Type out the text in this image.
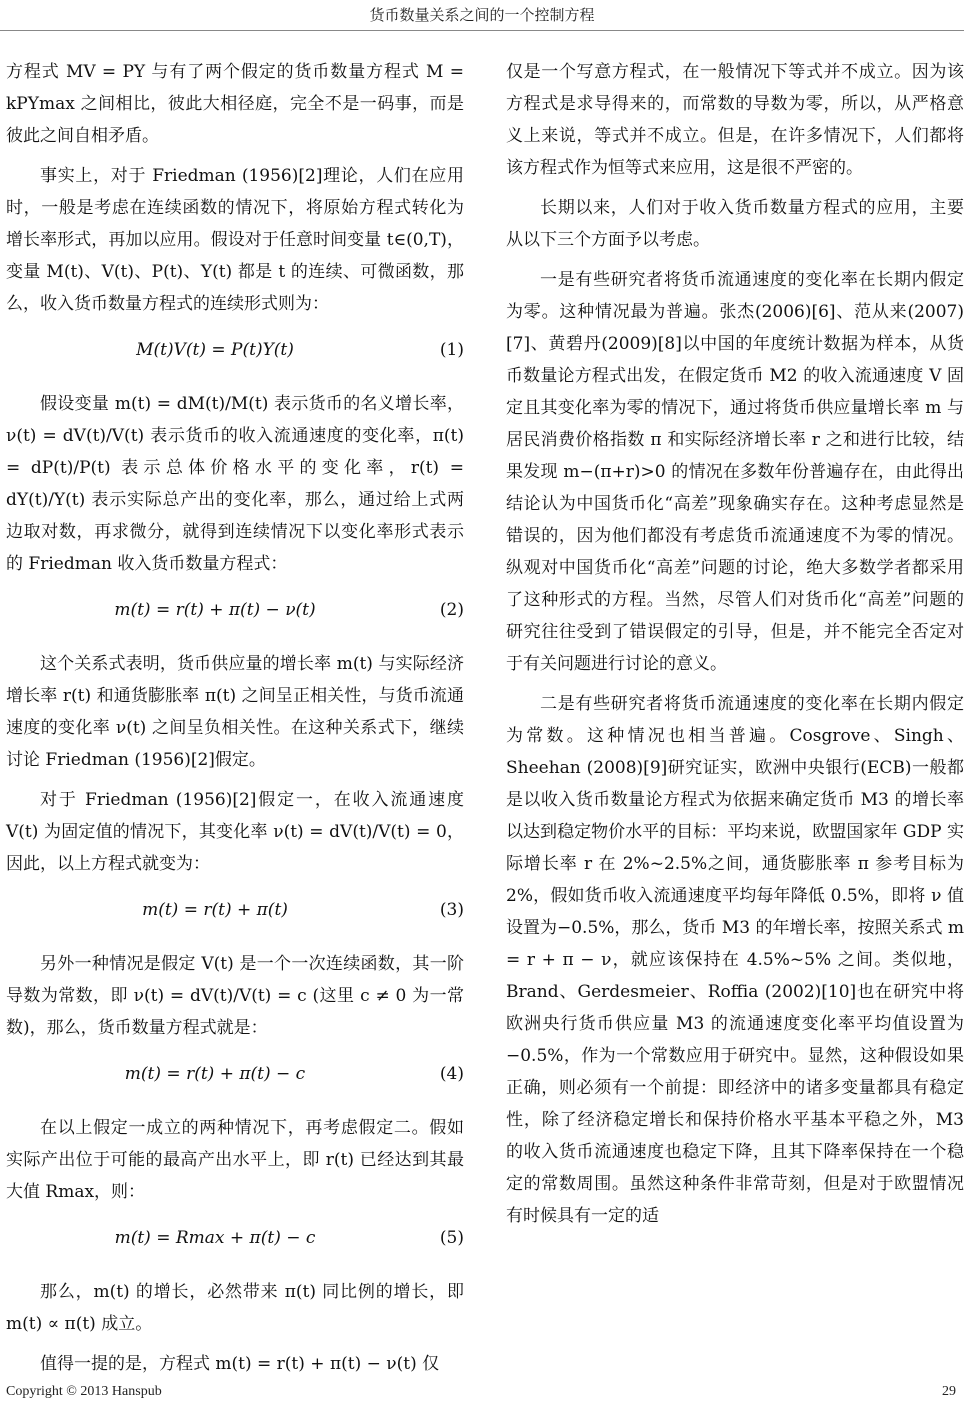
货币数量关系之间的一个控制方程

方程式 MV = PY 与有了两个假定的货币数量方程式 M = kPYmax 之间相比，彼此大相径庭，完全不是一码事，而是彼此之间自相矛盾。

事实上，对于 Friedman (1956)[2]理论，人们在应用时，一般是考虑在连续函数的情况下，将原始方程式转化为增长率形式，再加以应用。假设对于任意时间变量 t∈(0,T)，变量 M(t)、V(t)、P(t)、Y(t) 都是 t 的连续、可微函数，那么，收入货币数量方程式的连续形式则为：

M(t)V(t) = P(t)Y(t)	(1)

假设变量 m(t) = dM(t)/M(t) 表示货币的名义增长率，ν(t) = dV(t)/V(t) 表示货币的收入流通速度的变化率，π(t) = dP(t)/P(t) 表示总体价格水平的变化率，r(t) = dY(t)/Y(t) 表示实际总产出的变化率，那么，通过给上式两边取对数，再求微分，就得到连续情况下以变化率形式表示的 Friedman 收入货币数量方程式：

m(t) = r(t) + π(t) − ν(t)	(2)

这个关系式表明，货币供应量的增长率 m(t) 与实际经济增长率 r(t) 和通货膨胀率 π(t) 之间呈正相关性，与货币流通速度的变化率 ν(t) 之间呈负相关性。在这种关系式下，继续讨论 Friedman (1956)[2]假定。

对于 Friedman (1956)[2]假定一，在收入流通速度 V(t) 为固定值的情况下，其变化率 ν(t) = dV(t)/V(t) = 0，因此，以上方程式就变为：

m(t) = r(t) + π(t)	(3)

另外一种情况是假定 V(t) 是一个一次连续函数，其一阶导数为常数，即 ν(t) = dV(t)/V(t) = c (这里 c ≠ 0 为一常数)，那么，货币数量方程式就是：

m(t) = r(t) + π(t) − c	(4)

在以上假定一成立的两种情况下，再考虑假定二。假如实际产出位于可能的最高产出水平上，即 r(t) 已经达到其最大值 Rmax，则：

m(t) = Rmax + π(t) − c	(5)

那么，m(t) 的增长，必然带来 π(t) 同比例的增长，即 m(t) ∝ π(t) 成立。

值得一提的是，方程式 m(t) = r(t) + π(t) − ν(t) 仅

仅是一个写意方程式，在一般情况下等式并不成立。因为该方程式是求导得来的，而常数的导数为零，所以，从严格意义上来说，等式并不成立。但是，在许多情况下，人们都将该方程式作为恒等式来应用，这是很不严密的。

长期以来，人们对于收入货币数量方程式的应用，主要从以下三个方面予以考虑。

一是有些研究者将货币流通速度的变化率在长期内假定为零。这种情况最为普遍。张杰(2006)[6]、范从来(2007)[7]、黄碧丹(2009)[8]以中国的年度统计数据为样本，从货币数量论方程式出发，在假定货币 M2 的收入流通速度 V 固定且其变化率为零的情况下，通过将货币供应量增长率 m 与居民消费价格指数 π 和实际经济增长率 r 之和进行比较，结果发现 m−(π+r)>0 的情况在多数年份普遍存在，由此得出结论认为中国货币化“高差”现象确实存在。这种考虑显然是错误的，因为他们都没有考虑货币流通速度不为零的情况。纵观对中国货币化“高差”问题的讨论，绝大多数学者都采用了这种形式的方程。当然，尽管人们对货币化“高差”问题的研究往往受到了错误假定的引导，但是，并不能完全否定对于有关问题进行讨论的意义。

二是有些研究者将货币流通速度的变化率在长期内假定为常数。这种情况也相当普遍。Cosgrove、Singh、Sheehan (2008)[9]研究证实，欧洲中央银行(ECB)一般都是以收入货币数量论方程式为依据来确定货币 M3 的增长率以达到稳定物价水平的目标：平均来说，欧盟国家年 GDP 实际增长率 r 在 2%~2.5%之间，通货膨胀率 π 参考目标为 2%，假如货币收入流通速度平均每年降低 0.5%，即将 ν 值设置为−0.5%，那么，货币 M3 的年增长率，按照关系式 m = r + π − ν，就应该保持在 4.5%~5% 之间。类似地，Brand、Gerdesmeier、Roffia (2002)[10]也在研究中将欧洲央行货币供应量 M3 的流通速度变化率平均值设置为−0.5%，作为一个常数应用于研究中。显然，这种假设如果正确，则必须有一个前提：即经济中的诸多变量都具有稳定性，除了经济稳定增长和保持价格水平基本平稳之外，M3 的收入货币流通速度也稳定下降，且其下降率保持在一个稳定的常数周围。虽然这种条件非常苛刻，但是对于欧盟情况有时候具有一定的适

Copyright © 2013 Hanspub	29
